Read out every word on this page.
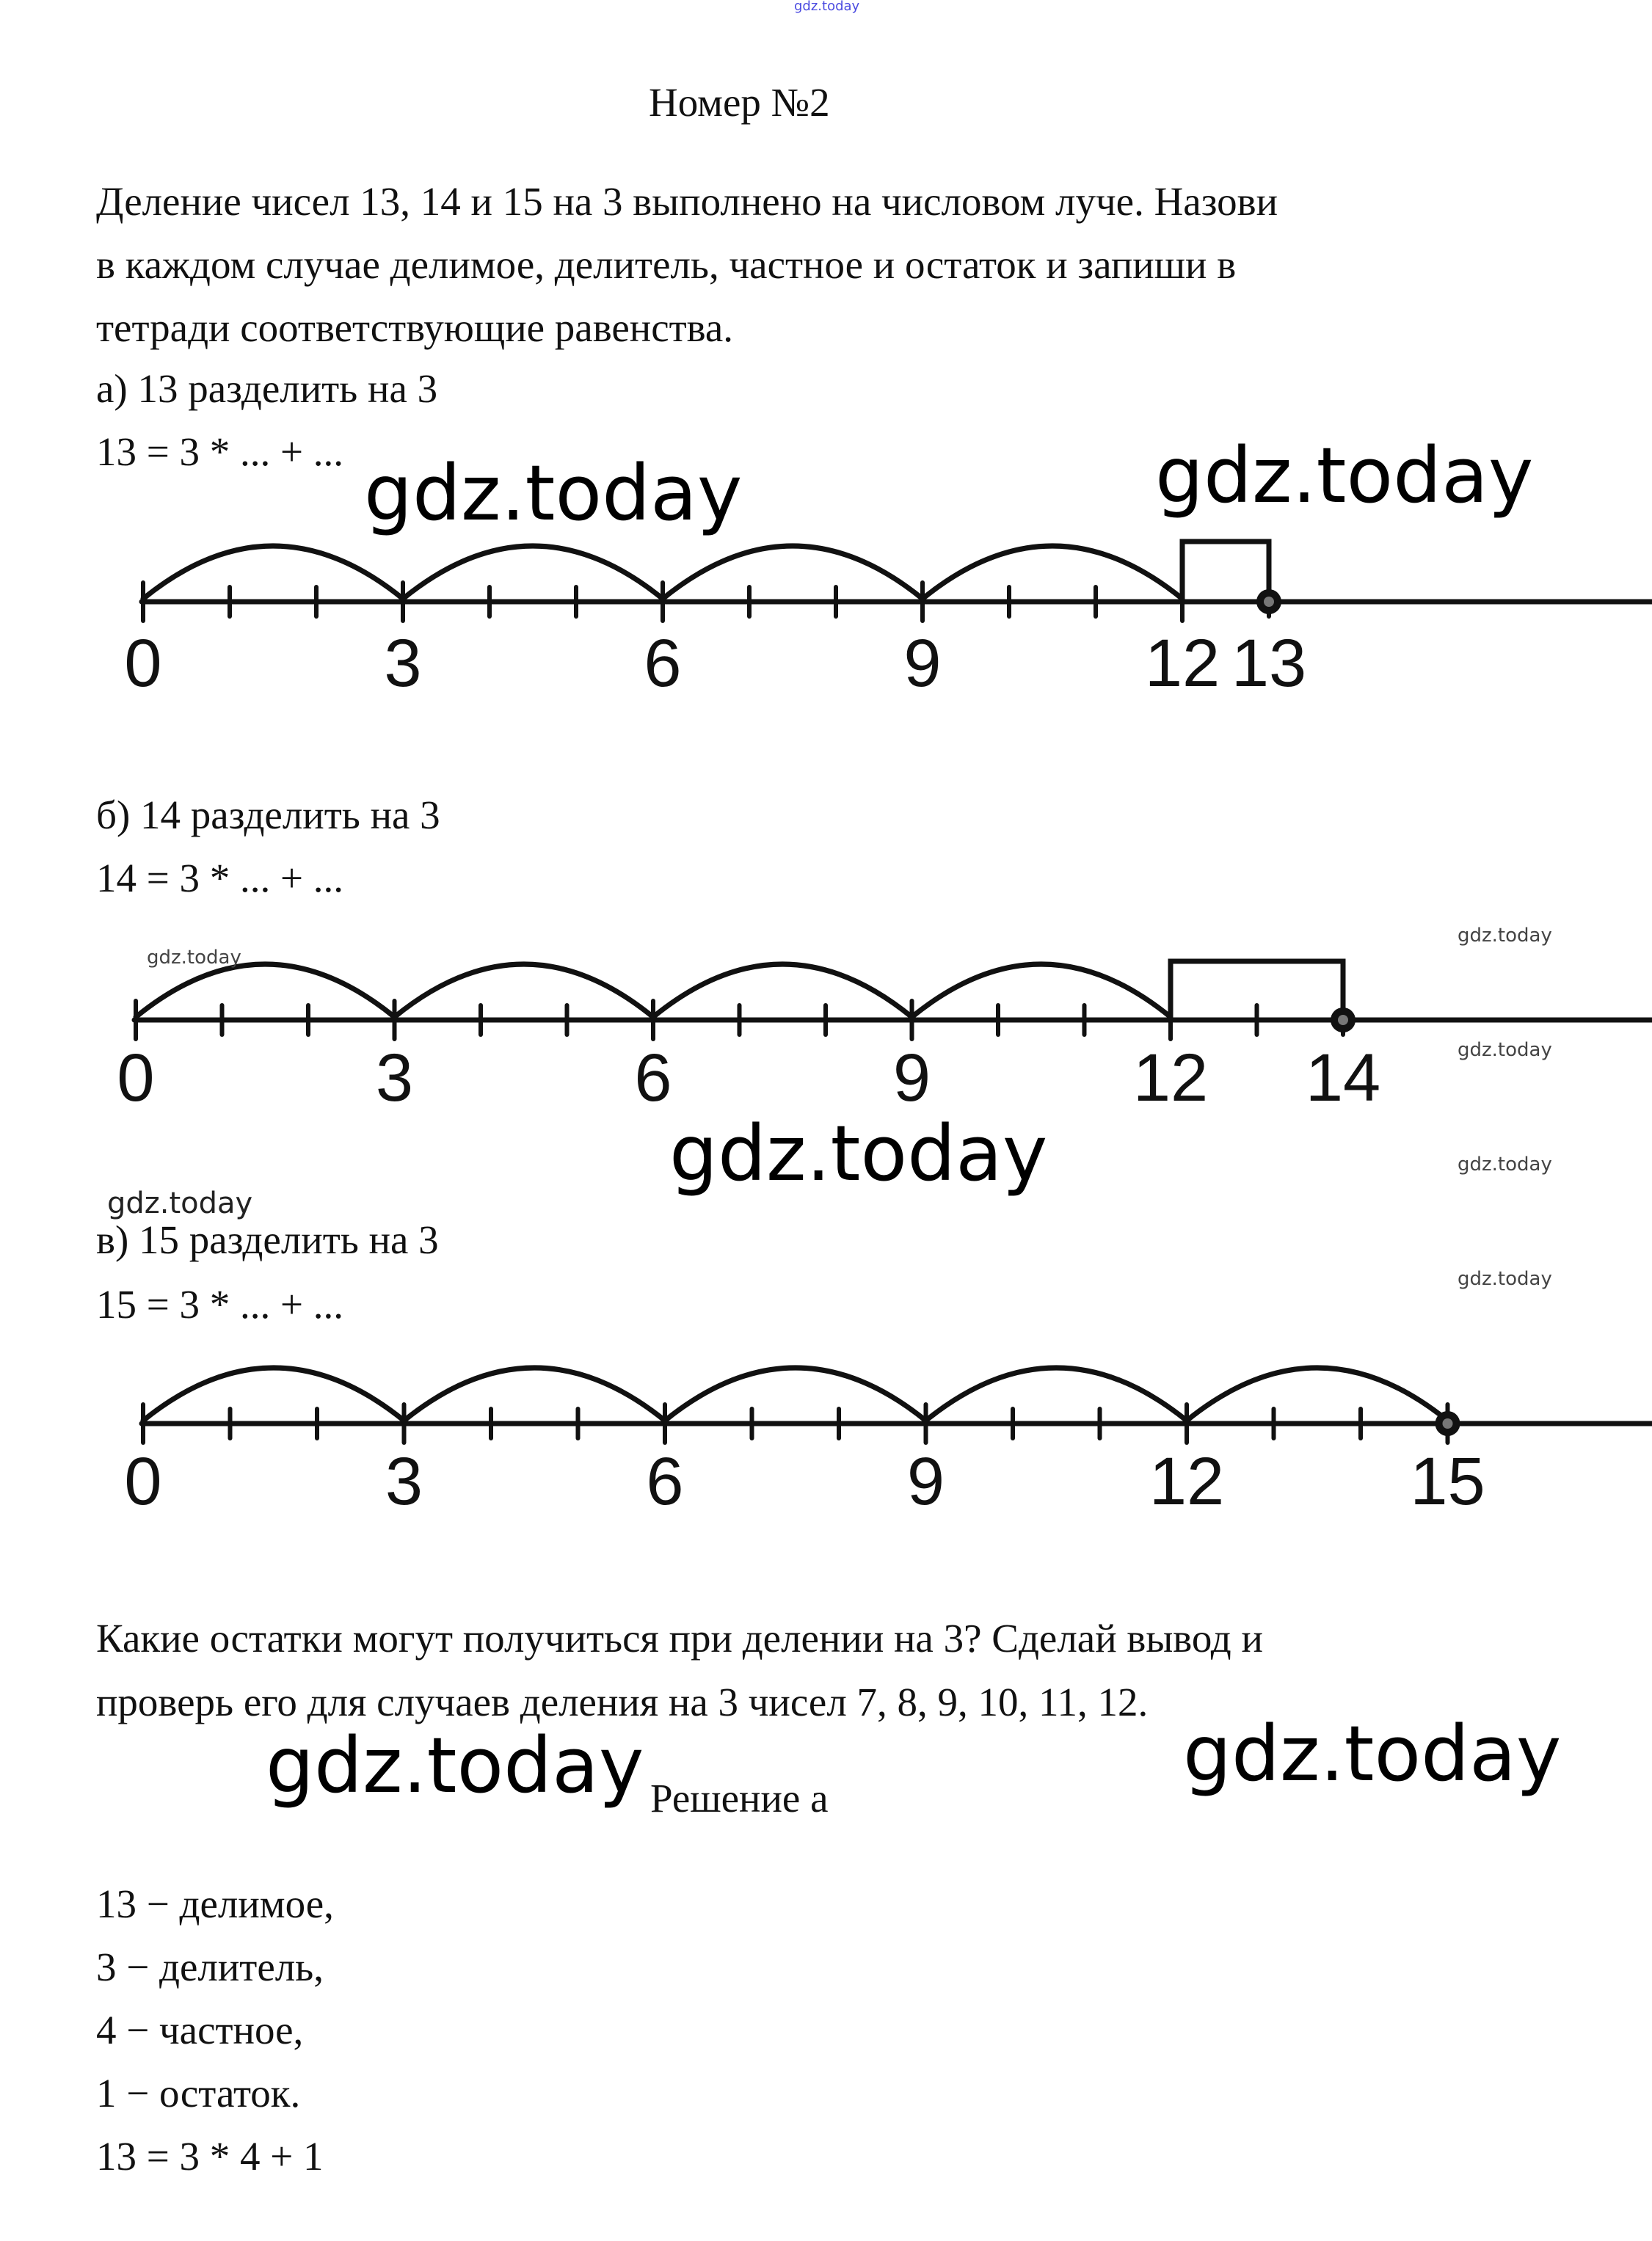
gdz.today

Номер №2

Деление чисел 13, 14 и 15 на 3 выполнено на числовом луче. Назови
в каждом случае делимое, делитель, частное и остаток и запиши в
тетради соответствующие равенства.

а) 13 разделить на 3

13 = 3 * ... + ...

0	3	6	9	12 13

б) 14 разделить на 3

14 = 3 * ... + ...

0	3	6	9	12 14

в) 15 разделить на 3

15 = 3 * ... + ...

0	3	6	9	12	15

Какие остатки могут получиться при делении на 3? Сделай вывод и

проверь его для случаев деления на 3 чисел 7, 8, 9, 10, 11, 12.

Решение а

13 − делимое,
3 − делитель,
4 − частное,
1 − остаток.
13 = 3 * 4 + 1
gdz.today	gdz.today
gdz.today
gdz.today	gdz.today
gdz.today
gdz.today
gdz.today
gdz.today
gdz.today
gdz.today
